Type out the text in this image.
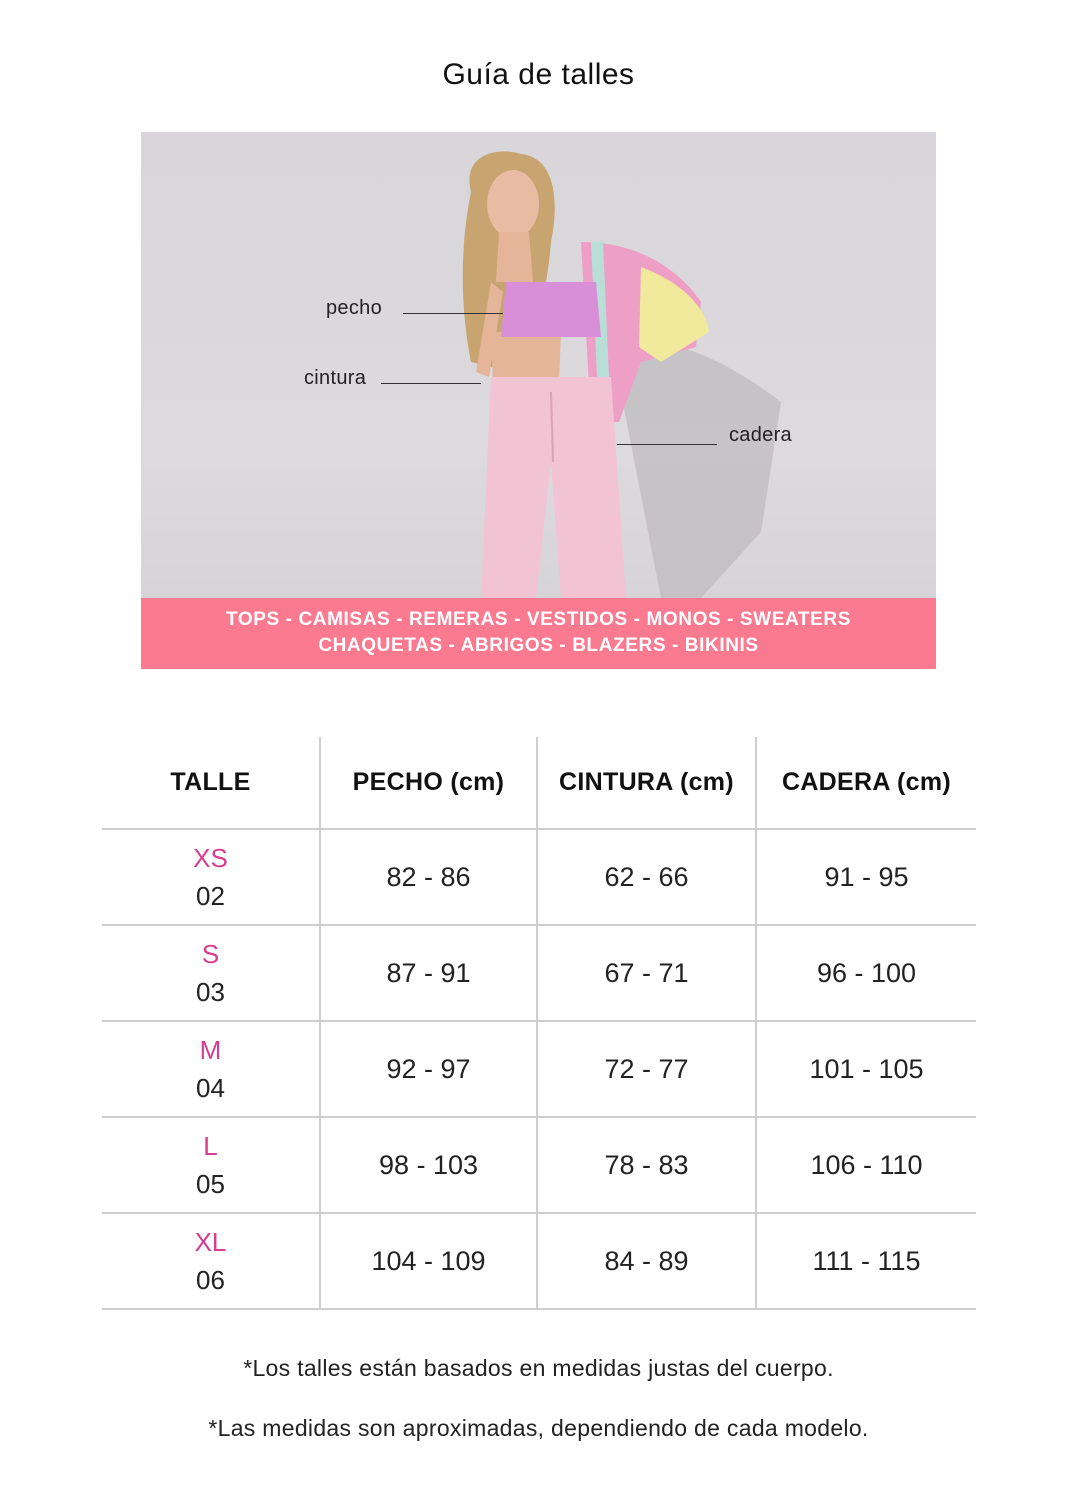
Guía de talles
pecho
cintura
cadera
TOPS - CAMISAS - REMERAS - VESTIDOS - MONOS - SWEATERS
CHAQUETAS - ABRIGOS - BLAZERS - BIKINIS
TALLE	PECHO (cm)	CINTURA (cm)	CADERA (cm)

XS
02	82 - 86	62 - 66	91 - 95

S
03	87 - 91	67 - 71	96 - 100

M
04	92 - 97	72 - 77	101 - 105

L
05	98 - 103	78 - 83	106 - 110

XL
06	104 - 109	84 - 89	111 - 115
*Los talles están basados en medidas justas del cuerpo.
*Las medidas son aproximadas, dependiendo de cada modelo.
